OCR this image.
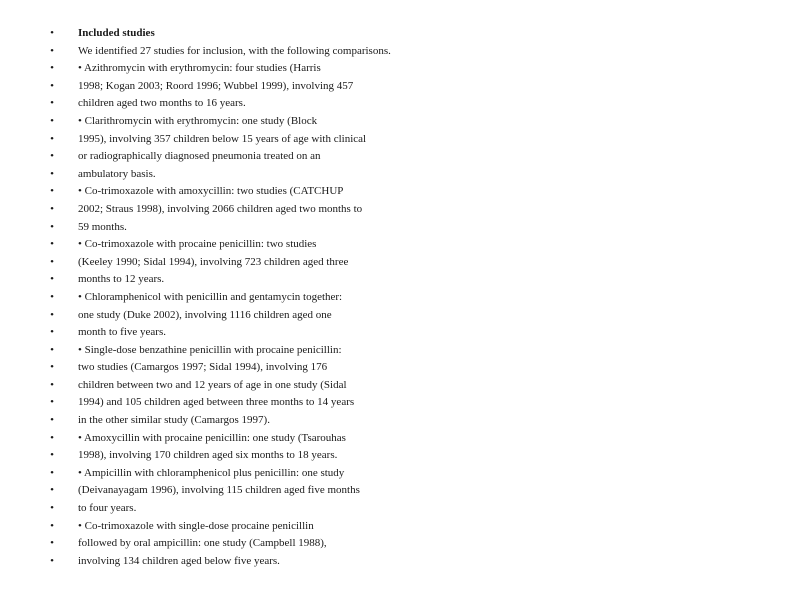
• Included studies
• We identified 27 studies for inclusion, with the following comparisons.
• • Azithromycin with erythromycin: four studies (Harris
• 1998; Kogan 2003; Roord 1996; Wubbel 1999), involving 457
• children aged two months to 16 years.
• • Clarithromycin with erythromycin: one study (Block
• 1995), involving 357 children below 15 years of age with clinical
• or radiographically diagnosed pneumonia treated on an
• ambulatory basis.
• • Co-trimoxazole with amoxycillin: two studies (CATCHUP
• 2002; Straus 1998), involving 2066 children aged two months to
• 59 months.
• • Co-trimoxazole with procaine penicillin: two studies
• (Keeley 1990; Sidal 1994), involving 723 children aged three
• months to 12 years.
• • Chloramphenicol with penicillin and gentamycin together:
• one study (Duke 2002), involving 1116 children aged one
• month to five years.
• • Single-dose benzathine penicillin with procaine penicillin:
• two studies (Camargos 1997; Sidal 1994), involving 176
• children between two and 12 years of age in one study (Sidal
• 1994) and 105 children aged between three months to 14 years
• in the other similar study (Camargos 1997).
• • Amoxycillin with procaine penicillin: one study (Tsarouhas
• 1998), involving 170 children aged six months to 18 years.
• • Ampicillin with chloramphenicol plus penicillin: one study
• (Deivanayagam 1996), involving 115 children aged five months
• to four years.
• • Co-trimoxazole with single-dose procaine penicillin
• followed by oral ampicillin: one study (Campbell 1988),
• involving 134 children aged below five years.
